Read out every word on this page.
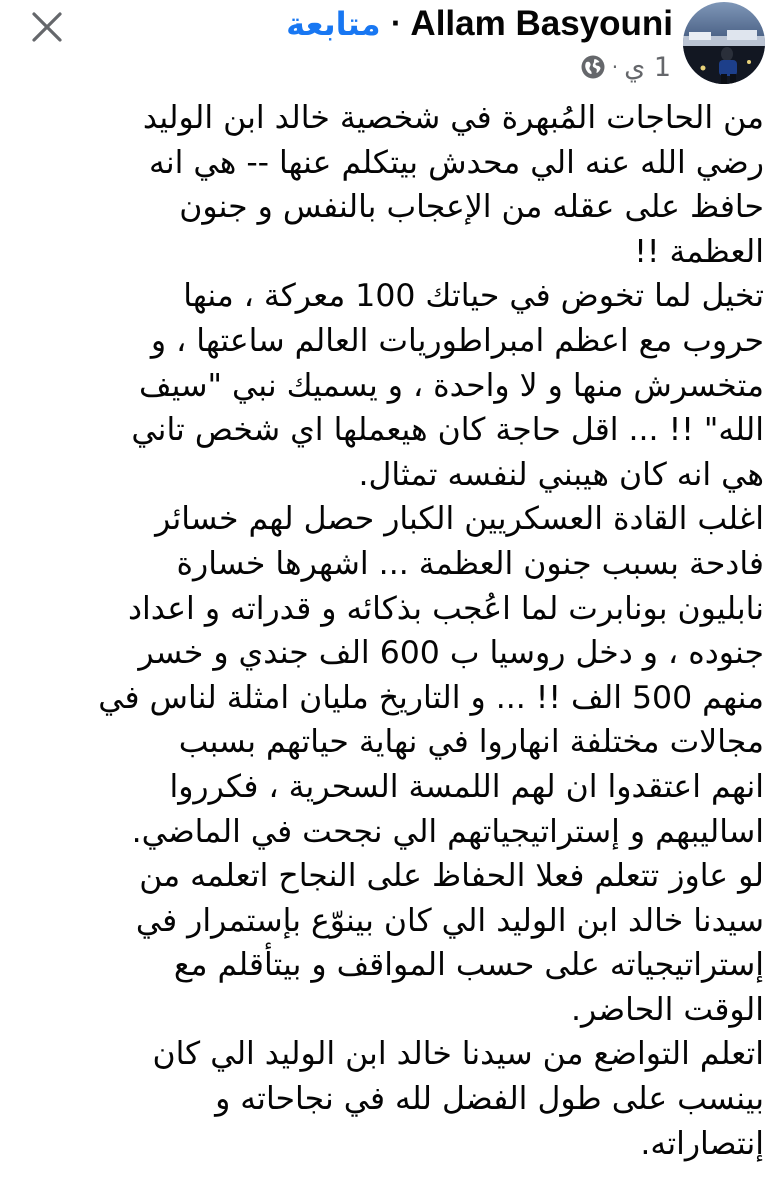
متابعة · Allam Basyouni
· 1 ي
من الحاجات المُبهرة في شخصية خالد ابن الوليد
رضي الله عنه الي محدش بيتكلم عنها -- هي انه
حافظ على عقله من الإعجاب بالنفس و جنون
العظمة !!
تخيل لما تخوض في حياتك 100 معركة ، منها
حروب مع اعظم امبراطوريات العالم ساعتها ، و
متخسرش منها و لا واحدة ، و يسميك نبي "سيف
الله" !! ... اقل حاجة كان هيعملها اي شخص تاني
هي انه كان هيبني لنفسه تمثال.
اغلب القادة العسكريين الكبار حصل لهم خسائر
فادحة بسبب جنون العظمة ... اشهرها خسارة
نابليون بونابرت لما اعُجب بذكائه و قدراته و اعداد
جنوده ، و دخل روسيا ب 600 الف جندي و خسر
منهم 500 الف !! ... و التاريخ مليان امثلة لناس في
مجالات مختلفة انهاروا في نهاية حياتهم بسبب
انهم اعتقدوا ان لهم اللمسة السحرية ، فكرروا
اساليبهم و إستراتيجياتهم الي نجحت في الماضي.
لو عاوز تتعلم فعلا الحفاظ على النجاح اتعلمه من
سيدنا خالد ابن الوليد الي كان بينوّع بإستمرار في
إستراتيجياته على حسب المواقف و بيتأقلم مع
الوقت الحاضر.
اتعلم التواضع من سيدنا خالد ابن الوليد الي كان
بينسب على طول الفضل لله في نجاحاته و
إنتصاراته.
